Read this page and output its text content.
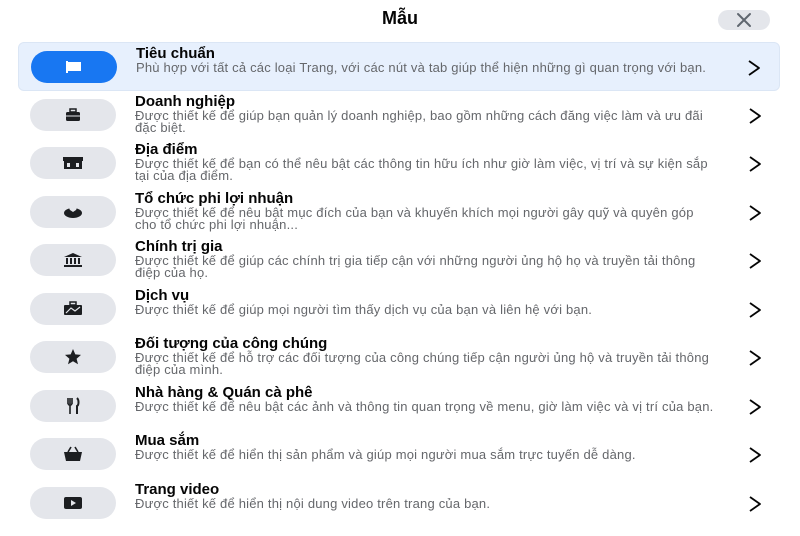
Mẫu
Tiêu chuẩn
Phù hợp với tất cả các loại Trang, với các nút và tab giúp thể hiện những gì quan trọng với bạn.
Doanh nghiệp
Được thiết kế để giúp bạn quản lý doanh nghiệp, bao gồm những cách đăng việc làm và ưu đãi đặc biệt.
Địa điểm
Được thiết kế để bạn có thể nêu bật các thông tin hữu ích như giờ làm việc, vị trí và sự kiện sắp tại của địa điểm.
Tổ chức phi lợi nhuận
Được thiết kế để nêu bật mục đích của bạn và khuyến khích mọi người gây quỹ và quyên góp cho tổ chức phi lợi nhuận...
Chính trị gia
Được thiết kế để giúp các chính trị gia tiếp cận với những người ủng hộ họ và truyền tải thông điệp của họ.
Dịch vụ
Được thiết kế để giúp mọi người tìm thấy dịch vụ của bạn và liên hệ với bạn.
Đối tượng của công chúng
Được thiết kế để hỗ trợ các đối tượng của công chúng tiếp cận người ủng hộ và truyền tải thông điệp của mình.
Nhà hàng & Quán cà phê
Được thiết kế để nêu bật các ảnh và thông tin quan trọng về menu, giờ làm việc và vị trí của bạn.
Mua sắm
Được thiết kế để hiển thị sản phẩm và giúp mọi người mua sắm trực tuyến dễ dàng.
Trang video
Được thiết kế để hiển thị nội dung video trên trang của bạn.
